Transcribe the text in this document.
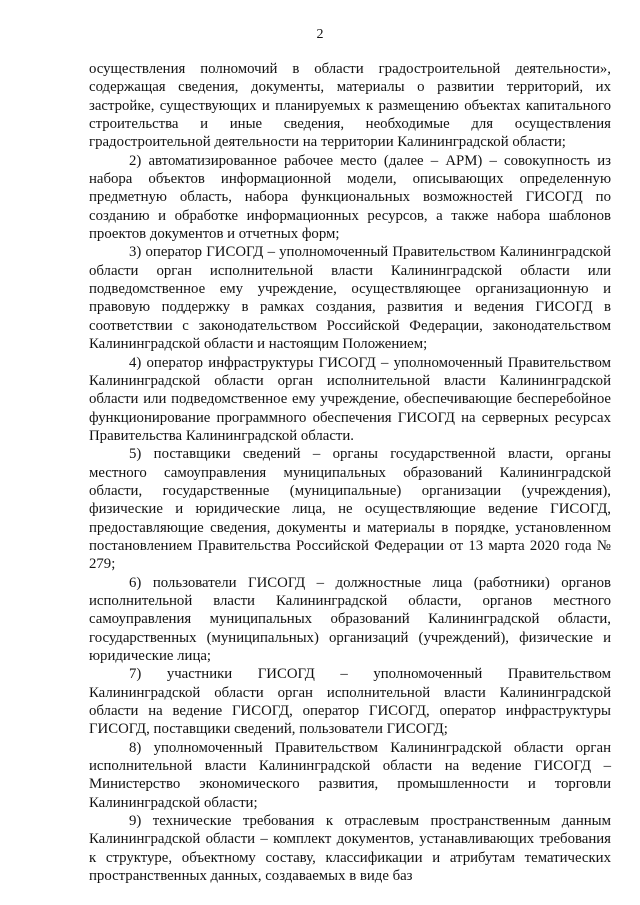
2

осуществления полномочий в области градостроительной деятельности», содержащая сведения, документы, материалы о развитии территорий, их застройке, существующих и планируемых к размещению объектах капитального строительства и иные сведения, необходимые для осуществления градостроительной деятельности на территории Калининградской области;

2) автоматизированное рабочее место (далее – АРМ) – совокупность из набора объектов информационной модели, описывающих определенную предметную область, набора функциональных возможностей ГИСОГД по созданию и обработке информационных ресурсов, а также набора шаблонов проектов документов и отчетных форм;

3) оператор ГИСОГД – уполномоченный Правительством Калининградской области орган исполнительной власти Калининградской области или подведомственное ему учреждение, осуществляющее организационную и правовую поддержку в рамках создания, развития и ведения ГИСОГД в соответствии с законодательством Российской Федерации, законодательством Калининградской области и настоящим Положением;

4) оператор инфраструктуры ГИСОГД – уполномоченный Правительством Калининградской области орган исполнительной власти Калининградской области или подведомственное ему учреждение, обеспечивающие бесперебойное функционирование программного обеспечения ГИСОГД на серверных ресурсах Правительства Калининградской области.

5) поставщики сведений – органы государственной власти, органы местного самоуправления муниципальных образований Калининградской области, государственные (муниципальные) организации (учреждения), физические и юридические лица, не осуществляющие ведение ГИСОГД, предоставляющие сведения, документы и материалы в порядке, установленном постановлением Правительства Российской Федерации от 13 марта 2020 года № 279;

6) пользователи ГИСОГД – должностные лица (работники) органов исполнительной власти Калининградской области, органов местного самоуправления муниципальных образований Калининградской области, государственных (муниципальных) организаций (учреждений), физические и юридические лица;

7) участники ГИСОГД – уполномоченный Правительством Калининградской области орган исполнительной власти Калининградской области на ведение ГИСОГД, оператор ГИСОГД, оператор инфраструктуры ГИСОГД, поставщики сведений, пользователи ГИСОГД;

8) уполномоченный Правительством Калининградской области орган исполнительной власти Калининградской области на ведение ГИСОГД – Министерство экономического развития, промышленности и торговли Калининградской области;

9) технические требования к отраслевым пространственным данным Калининградской области – комплект документов, устанавливающих требования к структуре, объектному составу, классификации и атрибутам тематических пространственных данных, создаваемых в виде баз
